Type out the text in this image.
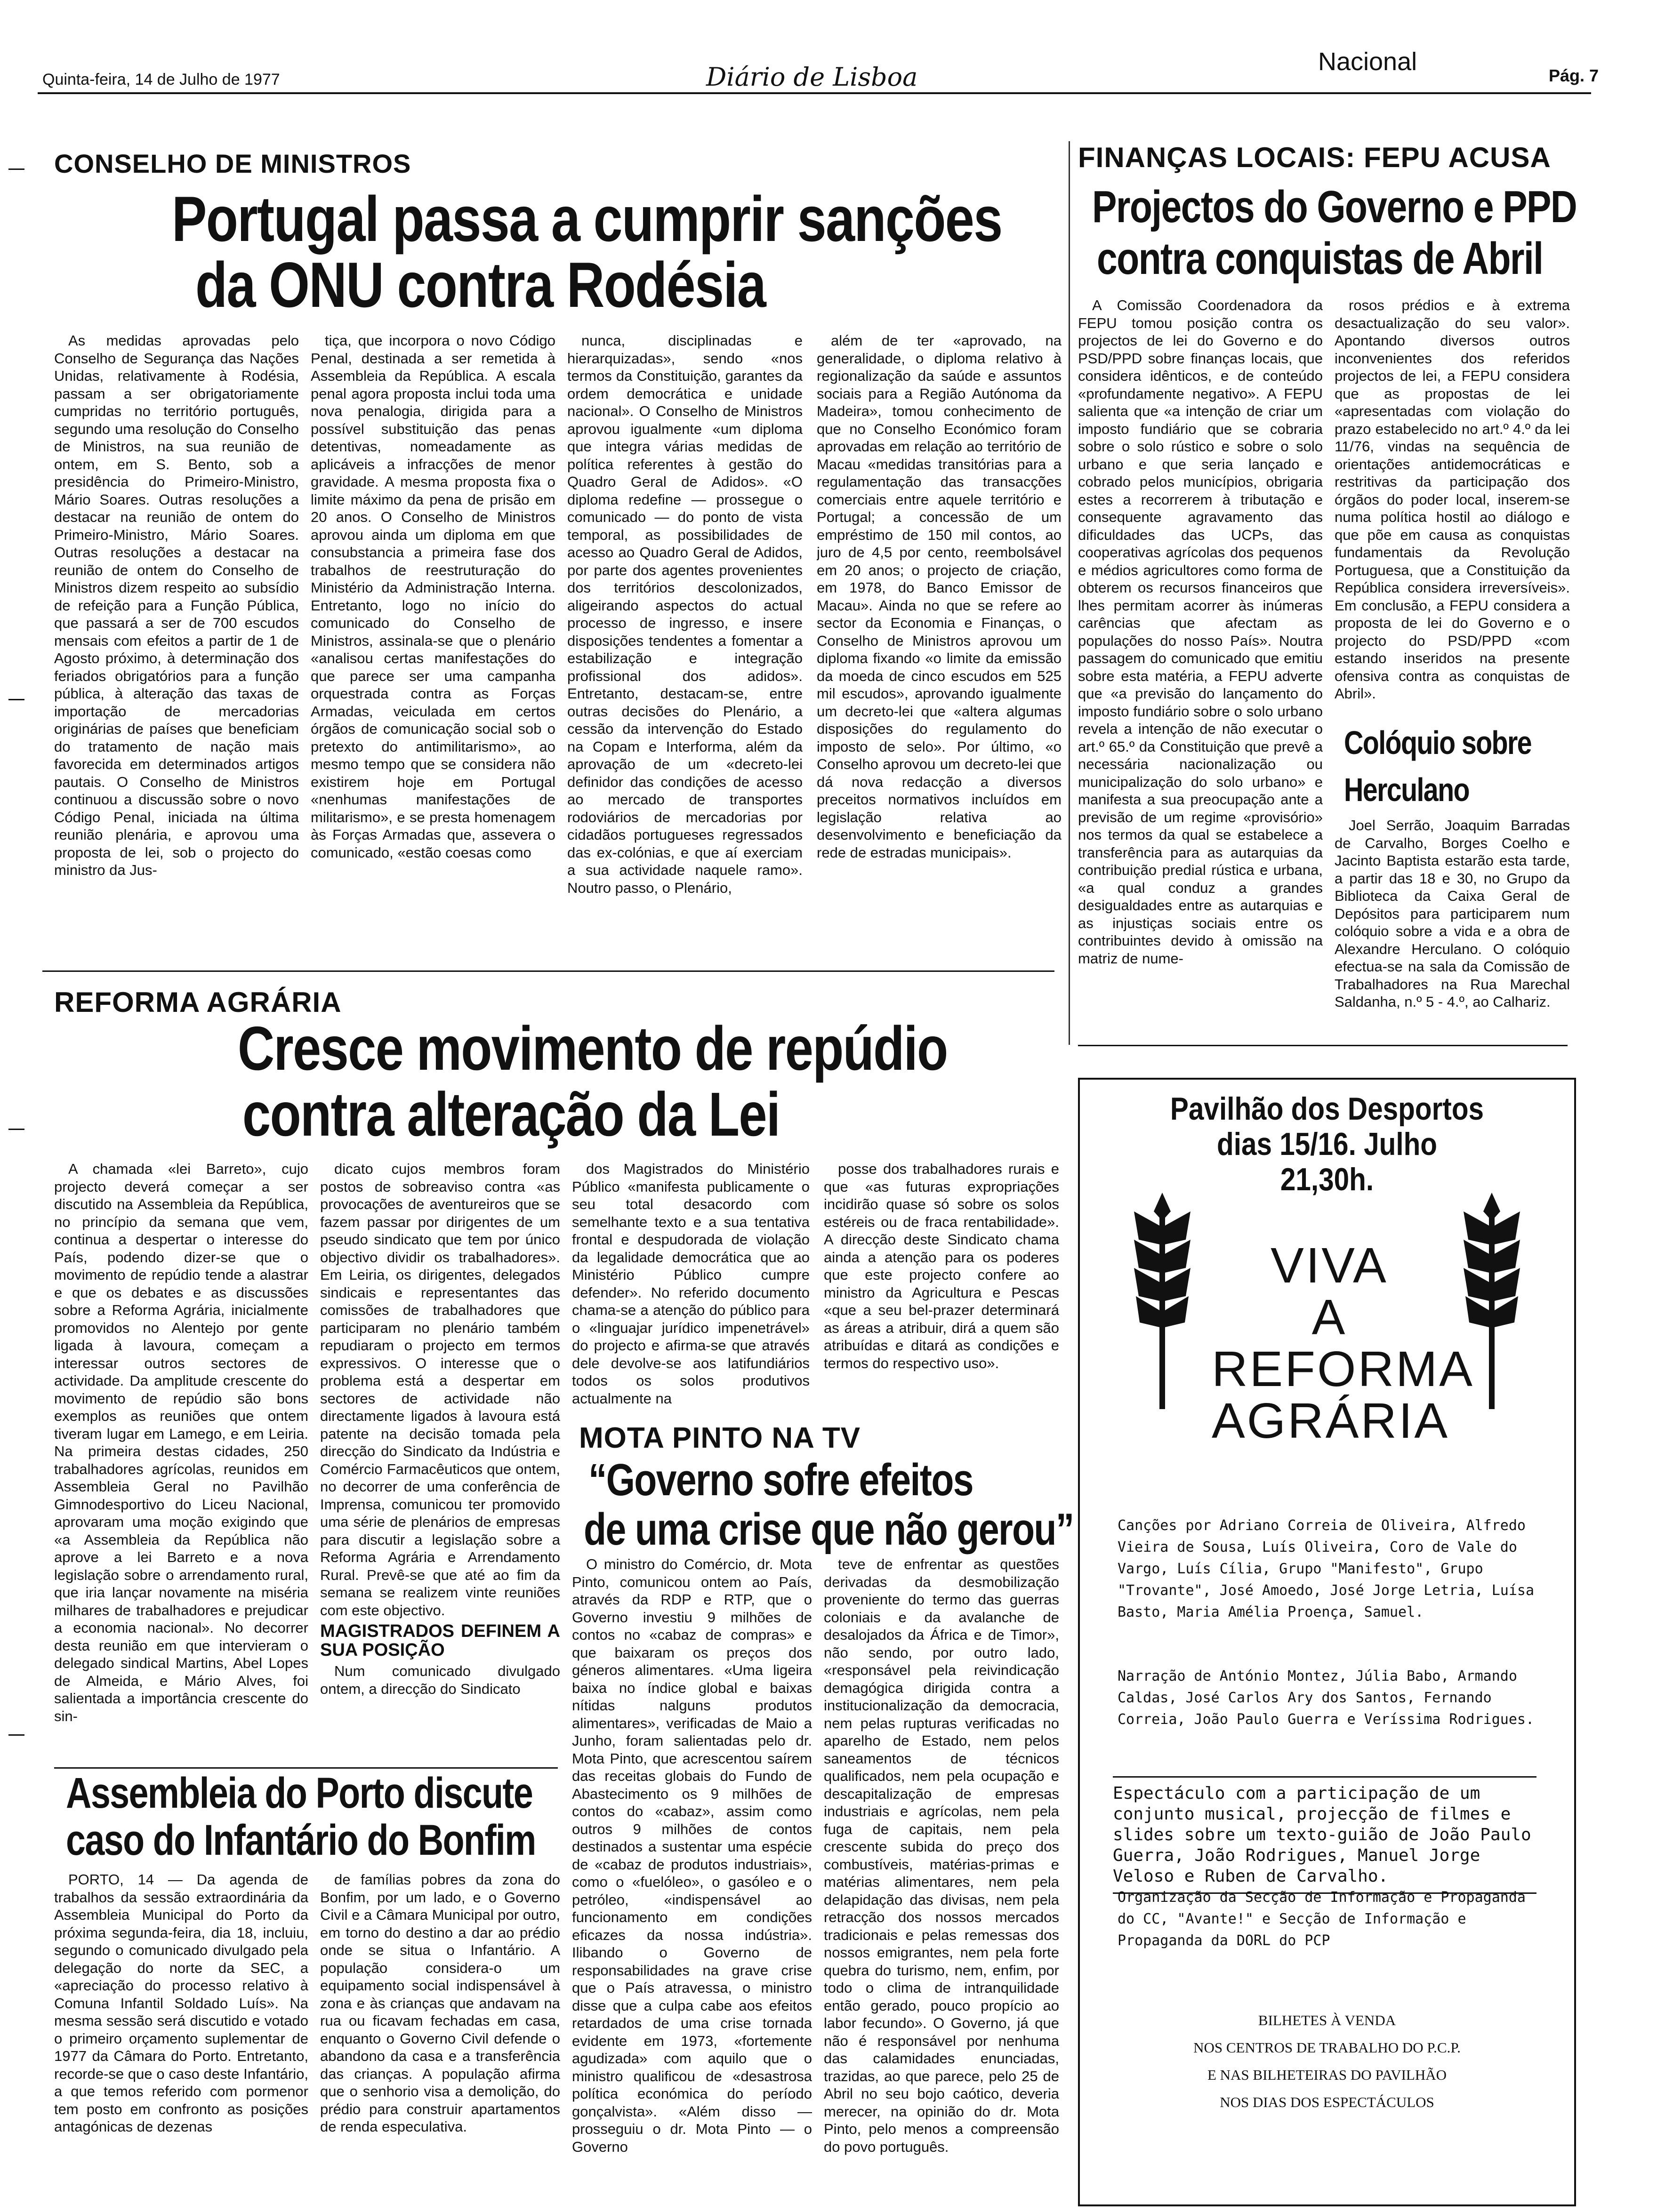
Quinta-feira, 14 de Julho de 1977	Diário de Lisboa
Nacional	Pág. 7
CONSELHO DE MINISTROS
Portugal passa a cumprir sanções
da ONU contra Rodésia

As medidas aprovadas pelo Conselho de Segurança das Nações Unidas, relativamente à Rodésia, passam a ser obrigatoriamente cumpridas no território português, segundo uma resolução do Conselho de Ministros, na sua reunião de ontem, em S. Bento, sob a presidência do Primeiro-Ministro, Mário Soares. Outras resoluções a destacar na reunião de ontem do Primeiro-Ministro, Mário Soares. Outras resoluções a destacar na reunião de ontem do Conselho de Ministros dizem respeito ao subsídio de refeição para a Função Pública, que passará a ser de 700 escudos mensais com efeitos a partir de 1 de Agosto próximo, à determinação dos feriados obrigatórios para a função pública, à alteração das taxas de importação de mercadorias originárias de países que beneficiam do tratamento de nação mais favorecida em determinados artigos pautais. O Conselho de Ministros continuou a discussão sobre o novo Código Penal, iniciada na última reunião plenária, e aprovou uma proposta de lei, sob o projecto do ministro da Jus-

tiça, que incorpora o novo Código Penal, destinada a ser remetida à Assembleia da República. A escala penal agora proposta inclui toda uma nova penalogia, dirigida para a possível substituição das penas detentivas, nomeadamente as aplicáveis a infracções de menor gravidade. A mesma proposta fixa o limite máximo da pena de prisão em 20 anos. O Conselho de Ministros aprovou ainda um diploma em que consubstancia a primeira fase dos trabalhos de reestruturação do Ministério da Administração Interna. Entretanto, logo no início do comunicado do Conselho de Ministros, assinala-se que o plenário «analisou certas manifestações do que parece ser uma campanha orquestrada contra as Forças Armadas, veiculada em certos órgãos de comunicação social sob o pretexto do antimilitarismo», ao mesmo tempo que se considera não existirem hoje em Portugal «nenhumas manifestações de militarismo», e se presta homenagem às Forças Armadas que, assevera o comunicado, «estão coesas como

nunca, disciplinadas e hierarquizadas», sendo «nos termos da Constituição, garantes da ordem democrática e unidade nacional». O Conselho de Ministros aprovou igualmente «um diploma que integra várias medidas de política referentes à gestão do Quadro Geral de Adidos». «O diploma redefine — prossegue o comunicado — do ponto de vista temporal, as possibilidades de acesso ao Quadro Geral de Adidos, por parte dos agentes provenientes dos territórios descolonizados, aligeirando aspectos do actual processo de ingresso, e insere disposições tendentes a fomentar a estabilização e integração profissional dos adidos». Entretanto, destacam-se, entre outras decisões do Plenário, a cessão da intervenção do Estado na Copam e Interforma, além da aprovação de um «decreto-lei definidor das condições de acesso ao mercado de transportes rodoviários de mercadorias por cidadãos portugueses regressados das ex-colónias, e que aí exerciam a sua actividade naquele ramo». Noutro passo, o Plenário,

além de ter «aprovado, na generalidade, o diploma relativo à regionalização da saúde e assuntos sociais para a Região Autónoma da Madeira», tomou conhecimento de que no Conselho Económico foram aprovadas em relação ao território de Macau «medidas transitórias para a regulamentação das transacções comerciais entre aquele território e Portugal; a concessão de um empréstimo de 150 mil contos, ao juro de 4,5 por cento, reembolsável em 20 anos; o projecto de criação, em 1978, do Banco Emissor de Macau». Ainda no que se refere ao sector da Economia e Finanças, o Conselho de Ministros aprovou um diploma fixando «o limite da emissão da moeda de cinco escudos em 525 mil escudos», aprovando igualmente um decreto-lei que «altera algumas disposições do regulamento do imposto de selo». Por último, «o Conselho aprovou um decreto-lei que dá nova redacção a diversos preceitos normativos incluídos em legislação relativa ao desenvolvimento e beneficiação da rede de estradas municipais».

FINANÇAS LOCAIS: FEPU ACUSA
Projectos do Governo e PPD
contra conquistas de Abril

A Comissão Coordenadora da FEPU tomou posição contra os projectos de lei do Governo e do PSD/PPD sobre finanças locais, que considera idênticos, e de conteúdo «profundamente negativo». A FEPU salienta que «a intenção de criar um imposto fundiário que se cobraria sobre o solo rústico e sobre o solo urbano e que seria lançado e cobrado pelos municípios, obrigaria estes a recorrerem à tributação e consequente agravamento das dificuldades das UCPs, das cooperativas agrícolas dos pequenos e médios agricultores como forma de obterem os recursos financeiros que lhes permitam acorrer às inúmeras carências que afectam as populações do nosso País». Noutra passagem do comunicado que emitiu sobre esta matéria, a FEPU adverte que «a previsão do lançamento do imposto fundiário sobre o solo urbano revela a intenção de não executar o art.º 65.º da Constituição que prevê a necessária nacionalização ou municipalização do solo urbano» e manifesta a sua preocupação ante a previsão de um regime «provisório» nos termos da qual se estabelece a transferência para as autarquias da contribuição predial rústica e urbana, «a qual conduz a grandes desigualdades entre as autarquias e as injustiças sociais entre os contribuintes devido à omissão na matriz de nume-

rosos prédios e à extrema desactualização do seu valor». Apontando diversos outros inconvenientes dos referidos projectos de lei, a FEPU considera que as propostas de lei «apresentadas com violação do prazo estabelecido no art.º 4.º da lei 11/76, vindas na sequência de orientações antidemocráticas e restritivas da participação dos órgãos do poder local, inserem-se numa política hostil ao diálogo e que põe em causa as conquistas fundamentais da Revolução Portuguesa, que a Constituição da República considera irreversíveis». Em conclusão, a FEPU considera a proposta de lei do Governo e o projecto do PSD/PPD «com estando inseridos na presente ofensiva contra as conquistas de Abril».

Colóquio sobre
Herculano

Joel Serrão, Joaquim Barradas de Carvalho, Borges Coelho e Jacinto Baptista estarão esta tarde, a partir das 18 e 30, no Grupo da Biblioteca da Caixa Geral de Depósitos para participarem num colóquio sobre a vida e a obra de Alexandre Herculano. O colóquio efectua-se na sala da Comissão de Trabalhadores na Rua Marechal Saldanha, n.º 5 - 4.º, ao Calhariz.

REFORMA AGRÁRIA
Cresce movimento de repúdio
contra alteração da Lei

A chamada «lei Barreto», cujo projecto deverá começar a ser discutido na Assembleia da República, no princípio da semana que vem, continua a despertar o interesse do País, podendo dizer-se que o movimento de repúdio tende a alastrar e que os debates e as discussões sobre a Reforma Agrária, inicialmente promovidos no Alentejo por gente ligada à lavoura, começam a interessar outros sectores de actividade. Da amplitude crescente do movimento de repúdio são bons exemplos as reuniões que ontem tiveram lugar em Lamego, e em Leiria. Na primeira destas cidades, 250 trabalhadores agrícolas, reunidos em Assembleia Geral no Pavilhão Gimnodesportivo do Liceu Nacional, aprovaram uma moção exigindo que «a Assembleia da República não aprove a lei Barreto e a nova legislação sobre o arrendamento rural, que iria lançar novamente na miséria milhares de trabalhadores e prejudicar a economia nacional». No decorrer desta reunião em que intervieram o delegado sindical Martins, Abel Lopes de Almeida, e Mário Alves, foi salientada a importância crescente do sin-

dicato cujos membros foram postos de sobreaviso contra «as provocações de aventureiros que se fazem passar por dirigentes de um pseudo sindicato que tem por único objectivo dividir os trabalhadores». Em Leiria, os dirigentes, delegados sindicais e representantes das comissões de trabalhadores que participaram no plenário também repudiaram o projecto em termos expressivos. O interesse que o problema está a despertar em sectores de actividade não directamente ligados à lavoura está patente na decisão tomada pela direcção do Sindicato da Indústria e Comércio Farmacêuticos que ontem, no decorrer de uma conferência de Imprensa, comunicou ter promovido uma série de plenários de empresas para discutir a legislação sobre a Reforma Agrária e Arrendamento Rural. Prevê-se que até ao fim da semana se realizem vinte reuniões com este objectivo.

MAGISTRADOS DEFINEM A SUA POSIÇÃO

Num comunicado divulgado ontem, a direcção do Sindicato

dos Magistrados do Ministério Público «manifesta publicamente o seu total desacordo com semelhante texto e a sua tentativa frontal e despudorada de violação da legalidade democrática que ao Ministério Público cumpre defender». No referido documento chama-se a atenção do público para o «linguajar jurídico impenetrável» do projecto e afirma-se que através dele devolve-se aos latifundiários todos os solos produtivos actualmente na

posse dos trabalhadores rurais e que «as futuras expropriações incidirão quase só sobre os solos estéreis ou de fraca rentabilidade». A direcção deste Sindicato chama ainda a atenção para os poderes que este projecto confere ao ministro da Agricultura e Pescas «que a seu bel-prazer determinará as áreas a atribuir, dirá a quem são atribuídas e ditará as condições e termos do respectivo uso».

MOTA PINTO NA TV
“Governo sofre efeitos
de uma crise que não gerou”

O ministro do Comércio, dr. Mota Pinto, comunicou ontem ao País, através da RDP e RTP, que o Governo investiu 9 milhões de contos no «cabaz de compras» e que baixaram os preços dos géneros alimentares. «Uma ligeira baixa no índice global e baixas nítidas nalguns produtos alimentares», verificadas de Maio a Junho, foram salientadas pelo dr. Mota Pinto, que acrescentou saírem das receitas globais do Fundo de Abastecimento os 9 milhões de contos do «cabaz», assim como outros 9 milhões de contos destinados a sustentar uma espécie de «cabaz de produtos industriais», como o «fuelóleo», o gasóleo e o petróleo, «indispensável ao funcionamento em condições eficazes da nossa indústria». Ilibando o Governo de responsabilidades na grave crise que o País atravessa, o ministro disse que a culpa cabe aos efeitos retardados de uma crise tornada evidente em 1973, «fortemente agudizada» com aquilo que o ministro qualificou de «desastrosa política económica do período gonçalvista». «Além disso — prosseguiu o dr. Mota Pinto — o Governo

teve de enfrentar as questões derivadas da desmobilização proveniente do termo das guerras coloniais e da avalanche de desalojados da África e de Timor», não sendo, por outro lado, «responsável pela reivindicação demagógica dirigida contra a institucionalização da democracia, nem pelas rupturas verificadas no aparelho de Estado, nem pelos saneamentos de técnicos qualificados, nem pela ocupação e descapitalização de empresas industriais e agrícolas, nem pela fuga de capitais, nem pela crescente subida do preço dos combustíveis, matérias-primas e matérias alimentares, nem pela delapidação das divisas, nem pela retracção dos nossos mercados tradicionais e pelas remessas dos nossos emigrantes, nem pela forte quebra do turismo, nem, enfim, por todo o clima de intranquilidade então gerado, pouco propício ao labor fecundo». O Governo, já que não é responsável por nenhuma das calamidades enunciadas, trazidas, ao que parece, pelo 25 de Abril no seu bojo caótico, deveria merecer, na opinião do dr. Mota Pinto, pelo menos a compreensão do povo português.

Assembleia do Porto discute
caso do Infantário do Bonfim

PORTO, 14 — Da agenda de trabalhos da sessão extraordinária da Assembleia Municipal do Porto da próxima segunda-feira, dia 18, incluiu, segundo o comunicado divulgado pela delegação do norte da SEC, a «apreciação do processo relativo à Comuna Infantil Soldado Luís». Na mesma sessão será discutido e votado o primeiro orçamento suplementar de 1977 da Câmara do Porto. Entretanto, recorde-se que o caso deste Infantário, a que temos referido com pormenor tem posto em confronto as posições antagónicas de dezenas

de famílias pobres da zona do Bonfim, por um lado, e o Governo Civil e a Câmara Municipal por outro, em torno do destino a dar ao prédio onde se situa o Infantário. A população considera-o um equipamento social indispensável à zona e às crianças que andavam na rua ou ficavam fechadas em casa, enquanto o Governo Civil defende o abandono da casa e a transferência das crianças. A população afirma que o senhorio visa a demolição, do prédio para construir apartamentos de renda especulativa.

Pavilhão dos Desportos
dias 15/16. Julho
21,30h.
VIVA
A
REFORMA
AGRÁRIA
Canções por Adriano Correia de Oliveira, Alfredo Vieira de Sousa, Luís Oliveira, Coro de Vale do Vargo, Luís Cília, Grupo "Manifesto", Grupo "Trovante", José Amoedo, José Jorge Letria, Luísa Basto, Maria Amélia Proença, Samuel.
Narração de António Montez, Júlia Babo, Armando Caldas, José Carlos Ary dos Santos, Fernando Correia, João Paulo Guerra e Veríssima Rodrigues.
Espectáculo com a participação de um conjunto musical, projecção de filmes e slides sobre um texto-guião de João Paulo Guerra, João Rodrigues, Manuel Jorge Veloso e Ruben de Carvalho.
Organização da Secção de Informação e Propaganda do CC, "Avante!" e Secção de Informação e Propaganda da DORL do PCP
BILHETES À VENDA
NOS CENTROS DE TRABALHO DO P.C.P.
E NAS BILHETEIRAS DO PAVILHÃO
NOS DIAS DOS ESPECTÁCULOS
